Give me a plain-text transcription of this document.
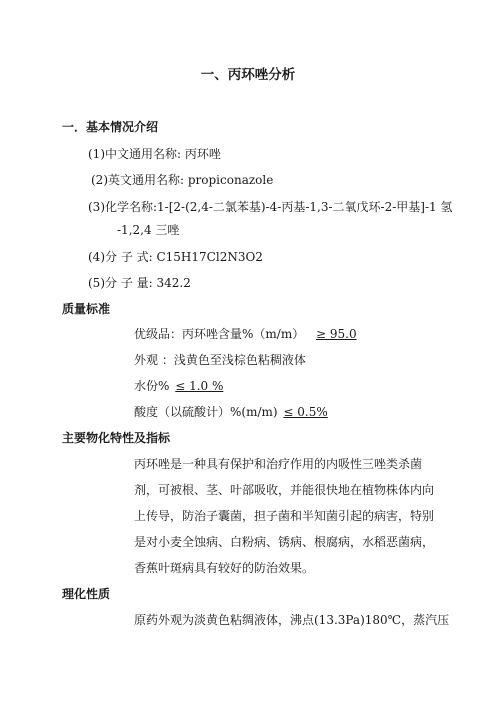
一、丙环唑分析
一．基本情况介绍
(1)中文通用名称: 丙环唑
(2)英文通用名称: propiconazole
(3)化学名称:1-[2-(2,4-二氯苯基)-4-丙基-1,3-二氧戊环-2-甲基]-1 氢
-1,2,4 三唑
(4)分 子 式: C15H17Cl2N3O2
(5)分 子 量: 342.2
质量标准
优级品：丙环唑含量%（m/m） ≥ 95.0
外观 ：浅黄色至浅棕色粘稠液体
水份% ≤ 1.0 %
酸度（以硫酸计）%(m/m) ≤ 0.5%
主要物化特性及指标
丙环唑是一种具有保护和治疗作用的内吸性三唑类杀菌
剂，可被根、茎、叶部吸收，并能很快地在植物株体内向
上传导，防治子囊菌，担子菌和半知菌引起的病害，特别
是对小麦全蚀病、白粉病、锈病、根腐病，水稻恶菌病，
香蕉叶斑病具有较好的防治效果。
理化性质
原药外观为淡黄色粘绸液体，沸点(13.3Pa)180℃，蒸汽压
